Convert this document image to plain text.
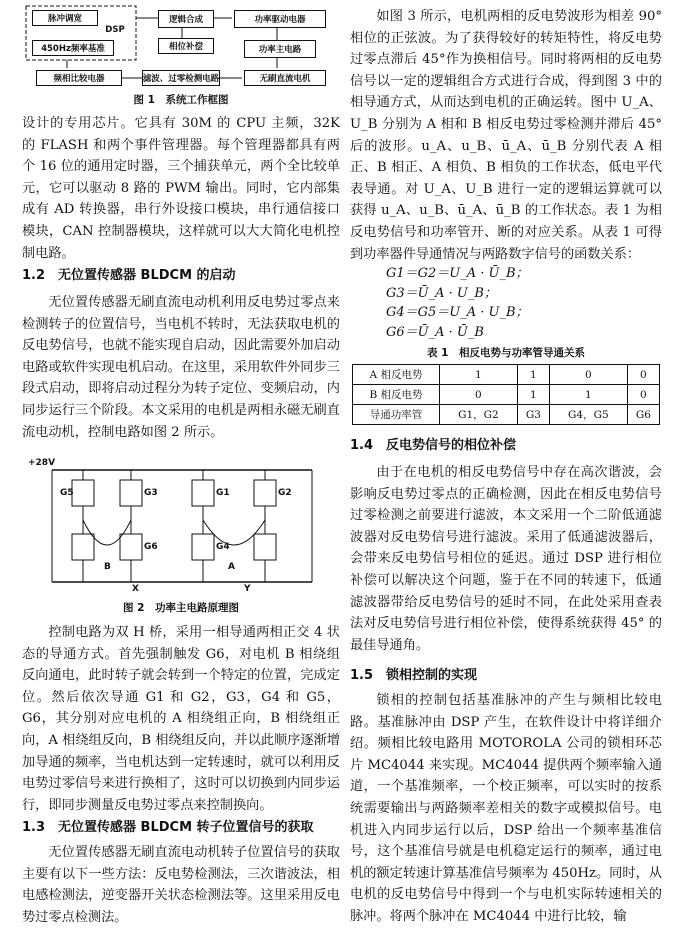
脉冲调宽
DSP
450Hz频率基准
逻辑合成
相位补偿
功率驱动电器
功率主电路
频相比较电器	滤波、过零检测电路	无刷直流电机
图 1　系统工作框图

设计的专用芯片。它具有 30M 的 CPU 主频，32K 的 FLASH 和两个事件管理器。每个管理器都具有两个 16 位的通用定时器，三个捕获单元，两个全比较单元，它可以驱动 8 路的 PWM 输出。同时，它内部集成有 AD 转换器，串行外设接口模块，串行通信接口模块，CAN 控制器模块，这样就可以大大简化电机控制电路。

1.2　无位置传感器 BLDCM 的启动

无位置传感器无刷直流电动机利用反电势过零点来检测转子的位置信号，当电机不转时，无法获取电机的反电势信号，也就不能实现自启动，因此需要外加启动电路或软件实现电机启动。在这里，采用软件外同步三段式启动，即将启动过程分为转子定位、变频启动，内同步运行三个阶段。本文采用的电机是两相永磁无刷直流电动机，控制电路如图 2 所示。

+28V
G5	G3	G1	G2
G6	G4
B	A
X	Y
图 2　功率主电路原理图

控制电路为双 H 桥，采用一相导通两相正交 4 状态的导通方式。首先强制触发 G6，对电机 B 相绕组反向通电，此时转子就会转到一个特定的位置，完成定位。然后依次导通 G1 和 G2，G3，G4 和 G5，G6，其分别对应电机的 A 相绕组正向，B 相绕组正向，A 相绕组反向，B 相绕组反向，并以此顺序逐渐增加导通的频率，当电机达到一定转速时，就可以利用反电势过零信号来进行换相了，这时可以切换到内同步运行，即同步测量反电势过零点来控制换向。

1.3　无位置传感器 BLDCM 转子位置信号的获取

无位置传感器无刷直流电动机转子位置信号的获取主要有以下一些方法：反电势检测法，三次谐波法，相电感检测法，逆变器开关状态检测法等。这里采用反电势过零点检测法。

如图 3 所示，电机两相的反电势波形为相差 90° 相位的正弦波。为了获得较好的转矩特性，将反电势过零点滞后 45°作为换相信号。同时将两相的反电势信号以一定的逻辑组合方式进行合成，得到图 3 中的相导通方式，从而达到电机的正确运转。图中 U_A、U_B 分别为 A 相和 B 相反电势过零检测并滞后 45°后的波形。u_A、u_B、ū_A、ū_B 分别代表 A 相正、B 相正、A 相负、B 相负的工作状态，低电平代表导通。对 U_A、U_B 进行一定的逻辑运算就可以获得 u_A、u_B、ū_A、ū_B 的工作状态。表 1 为相反电势信号和功率管开、断的对应关系。从表 1 可得到功率器件导通情况与两路数字信号的函数关系：

G1＝G2＝U_A · Ū_B；
G3＝Ū_A · U_B；
G4＝G5＝U_A · U_B；
G6＝Ū_A · Ū_B
表 1　相反电势与功率管导通关系
A 相反电势	1	1	0	0
B 相反电势	0	1	1	0
导通功率管	G1，G2	G3	G4，G5	G6
1.4　反电势信号的相位补偿

由于在电机的相反电势信号中存在高次谐波，会影响反电势过零点的正确检测，因此在相反电势信号过零检测之前要进行滤波，本文采用一个二阶低通滤波器对反电势信号进行滤波。采用了低通滤波器后，会带来反电势信号相位的延迟。通过 DSP 进行相位补偿可以解决这个问题，鉴于在不同的转速下，低通滤波器带给反电势信号的延时不同，在此处采用查表法对反电势信号进行相位补偿，使得系统获得 45° 的最佳导通角。

1.5　锁相控制的实现

锁相的控制包括基准脉冲的产生与频相比较电路。基准脉冲由 DSP 产生，在软件设计中将详细介绍。频相比较电路用 MOTOROLA 公司的锁相环芯片 MC4044 来实现。MC4044 提供两个频率输入通道，一个基准频率，一个校正频率，可以实时的按系统需要输出与两路频率差相关的数字或模拟信号。电机进入内同步运行以后，DSP 给出一个频率基准信号，这个基准信号就是电机稳定运行的频率，通过电机的额定转速计算基准信号频率为 450Hz。同时，从电机的反电势信号中得到一个与电机实际转速相关的脉冲。将两个脉冲在 MC4044 中进行比较，输
